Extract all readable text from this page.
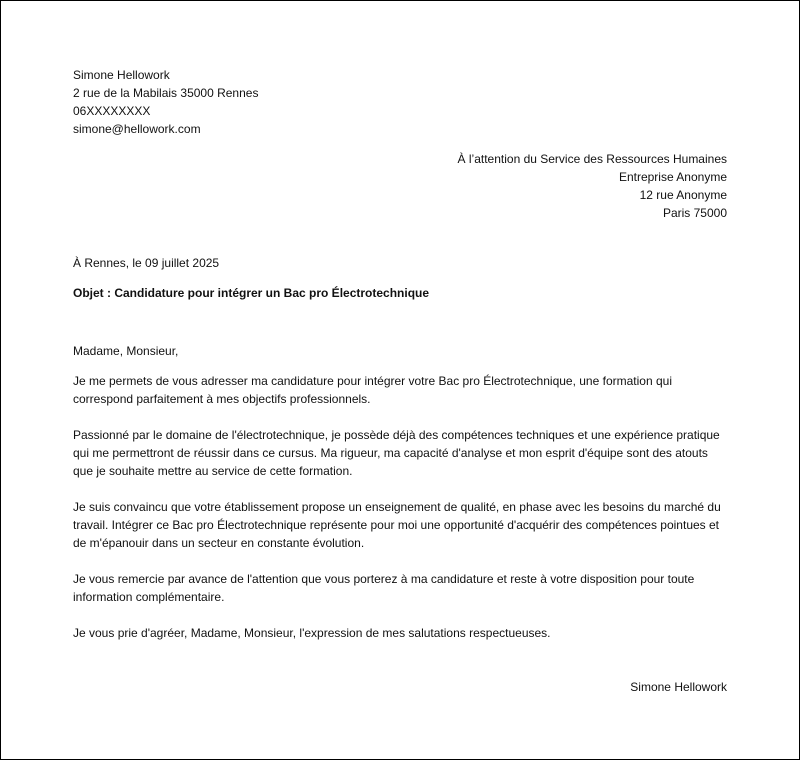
Simone Hellowork
2 rue de la Mabilais 35000 Rennes
06XXXXXXXX
simone@hellowork.com
À l’attention du Service des Ressources Humaines
Entreprise Anonyme
12 rue Anonyme
Paris 75000
À Rennes, le 09 juillet 2025
Objet : Candidature pour intégrer un Bac pro Électrotechnique
Madame, Monsieur,

Je me permets de vous adresser ma candidature pour intégrer votre Bac pro Électrotechnique, une formation qui correspond parfaitement à mes objectifs professionnels.

Passionné par le domaine de l'électrotechnique, je possède déjà des compétences techniques et une expérience pratique qui me permettront de réussir dans ce cursus. Ma rigueur, ma capacité d'analyse et mon esprit d'équipe sont des atouts que je souhaite mettre au service de cette formation.

Je suis convaincu que votre établissement propose un enseignement de qualité, en phase avec les besoins du marché du travail. Intégrer ce Bac pro Électrotechnique représente pour moi une opportunité d'acquérir des compétences pointues et de m'épanouir dans un secteur en constante évolution.

Je vous remercie par avance de l'attention que vous porterez à ma candidature et reste à votre disposition pour toute information complémentaire.

Je vous prie d'agréer, Madame, Monsieur, l'expression de mes salutations respectueuses.

Simone Hellowork
